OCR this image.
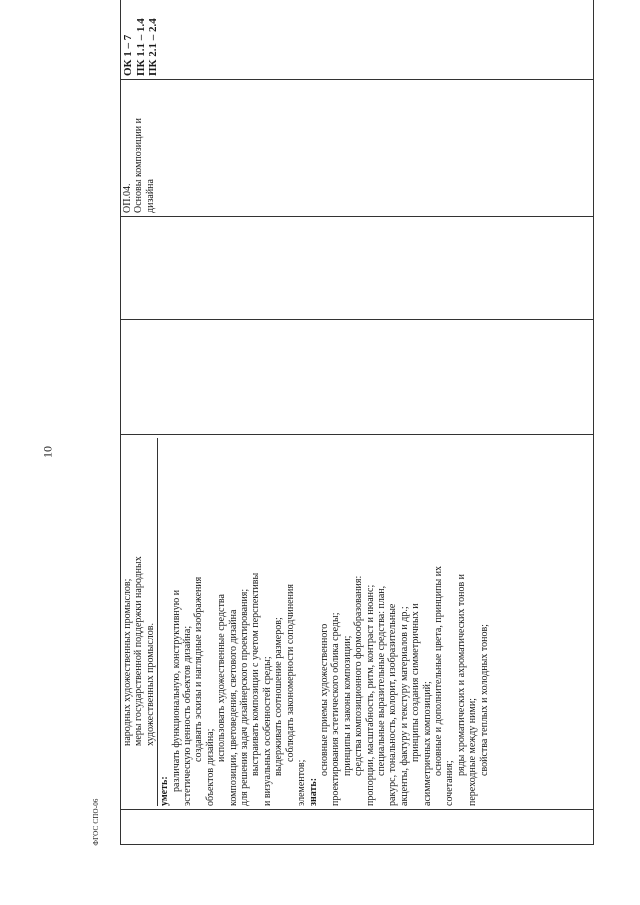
10

народных художественных промыслов; меры государственной поддержки народных художественных промыслов.
уметь: различать функциональную, конструктивную и эстетическую ценность объектов дизайна; создавать эскизы и наглядные изображения
объектов дизайна;
использовать художественные средства композиции, цветоведения, светового дизайна для решения задач дизайнерского проектирования; выстраивать композиции с учетом перспективы и визуальных особенностей среды; выдерживать соотношение размеров; соблюдать закономерности соподчинения
элементов; знать:
основные приемы художественного проектирования эстетического облика среды; принципы и законы композиции; средства композиционного формообразования: пропорции, масштабность, ритм, контраст и нюанс; специальные выразительные средства: план, ракурс, тональность, колорит, изобразительные акценты, фактуру и текстуру материалов и др.; принципы создания симметричных и асимметричных композиций; основные и дополнительные цвета, принципы их
сочетания;
ряды хроматических и ахроматических тонов и переходные между ними; свойства теплых и холодных тонов;

ОП.04. Основы композиции и дизайна

ОК 1 – 7 ПК 1.1 – 1.4 ПК 2.1 – 2.4
ФГОС СПО-06
